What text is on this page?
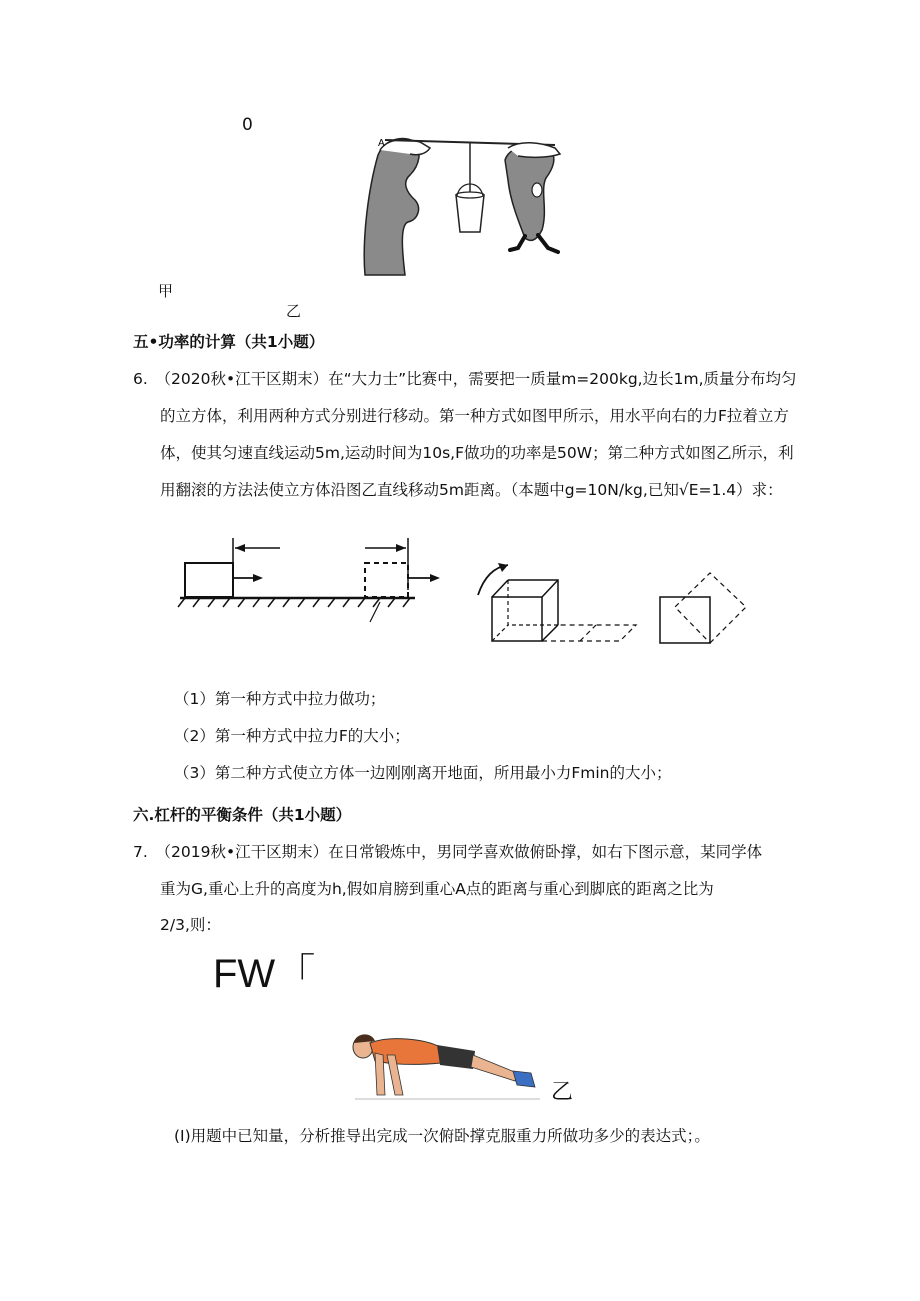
0
A
甲
乙
五•功率的计算（共1小题）
6.　（2020秋•江干区期末）在“大力士”比赛中，需要把一质量m=200kg,边长1m,质量分布均匀
的立方体，利用两种方式分别进行移动。第一种方式如图甲所示，用水平向右的力F拉着立方
体，使其匀速直线运动5m,运动时间为10s,F做功的功率是50W；第二种方式如图乙所示，利
用翻滚的方法法使立方体沿图乙直线移动5m距离。（本题中g=10N∕kg,已知√E=1.4）求：
（1）第一种方式中拉力做功；
（2）第一种方式中拉力F的大小；
（3）第二种方式使立方体一边刚刚离开地面，所用最小力Fmin的大小；
六.杠杆的平衡条件（共1小题）
7.　（2019秋•江干区期末）在日常锻炼中，男同学喜欢做俯卧撑，如右下图示意，某同学体
重为G,重心上升的高度为h,假如肩膀到重心A点的距离与重心到脚底的距离之比为
2/3,则：
FW「
乙
(I)用题中已知量，分析推导出完成一次俯卧撑克服重力所做功多少的表达式；。
